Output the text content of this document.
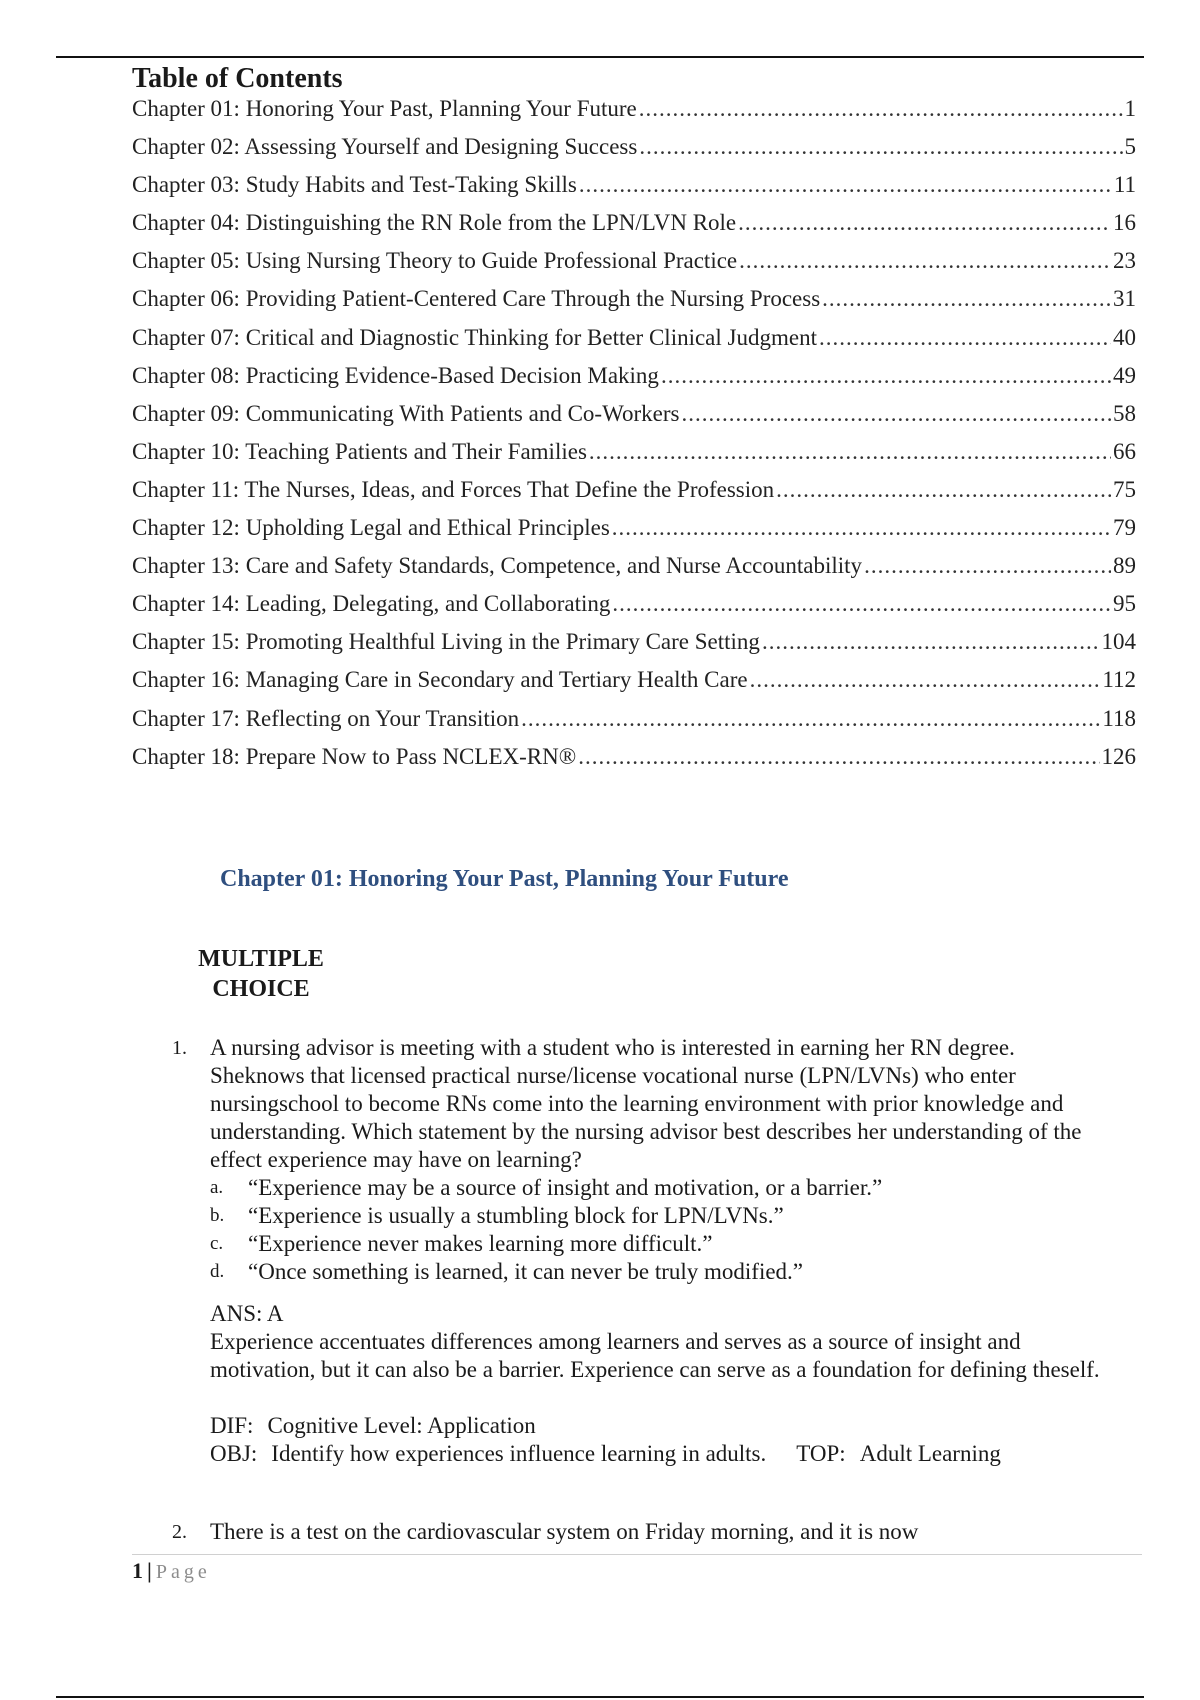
Table of Contents
Chapter 01: Honoring Your Past, Planning Your Future .....	1
Chapter 02: Assessing Yourself and Designing Success .....	5
Chapter 03: Study Habits and Test-Taking Skills .....	11
Chapter 04: Distinguishing the RN Role from the LPN/LVN Role .....	16
Chapter 05: Using Nursing Theory to Guide Professional Practice .....	23
Chapter 06: Providing Patient-Centered Care Through the Nursing Process .....	31
Chapter 07: Critical and Diagnostic Thinking for Better Clinical Judgment .....	40
Chapter 08: Practicing Evidence-Based Decision Making .....	49
Chapter 09: Communicating With Patients and Co-Workers .....	58
Chapter 10: Teaching Patients and Their Families .....	66
Chapter 11: The Nurses, Ideas, and Forces That Define the Profession .....	75
Chapter 12: Upholding Legal and Ethical Principles .....	79
Chapter 13: Care and Safety Standards, Competence, and Nurse Accountability .....	89
Chapter 14: Leading, Delegating, and Collaborating .....	95
Chapter 15: Promoting Healthful Living in the Primary Care Setting .....	104
Chapter 16: Managing Care in Secondary and Tertiary Health Care .....	112
Chapter 17: Reflecting on Your Transition .....	118
Chapter 18: Prepare Now to Pass NCLEX-RN® .....	126
Chapter 01: Honoring Your Past, Planning Your Future
MULTIPLE
CHOICE
1. A nursing advisor is meeting with a student who is interested in earning her RN degree. Sheknows that licensed practical nurse/license vocational nurse (LPN/LVNs) who enter nursingschool to become RNs come into the learning environment with prior knowledge and understanding. Which statement by the nursing advisor best describes her understanding of the effect experience may have on learning?

a.	“Experience may be a source of insight and motivation, or a barrier.”
b.	“Experience is usually a stumbling block for LPN/LVNs.”
c.	“Experience never makes learning more difficult.”
d.	“Once something is learned, it can never be truly modified.”

ANS: A

Experience accentuates differences among learners and serves as a source of insight and motivation, but it can also be a barrier. Experience can serve as a foundation for defining theself.

DIF: Cognitive Level: Application

OBJ: Identify how experiences influence learning in adults. TOP: Adult Learning

2. There is a test on the cardiovascular system on Friday morning, and it is now

1 | Page
